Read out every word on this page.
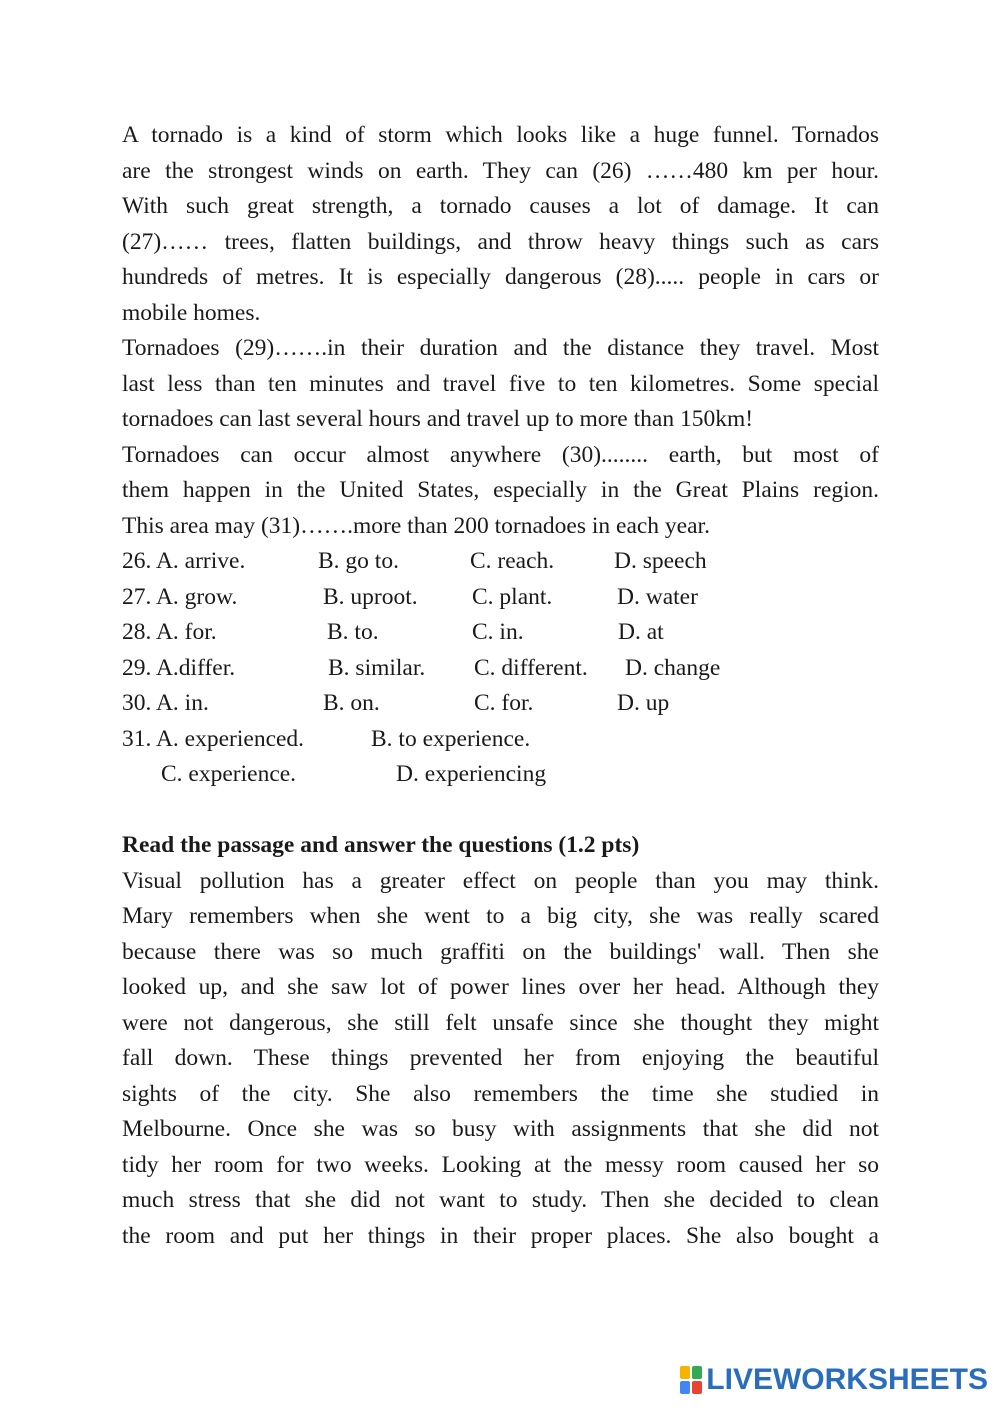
A tornado is a kind of storm which looks like a huge funnel. Tornados
are the strongest winds on earth. They can (26) ……480 km per hour.
With such great strength, a tornado causes a lot of damage. It can
(27)…… trees, flatten buildings, and throw heavy things such as cars
hundreds of metres. It is especially dangerous (28)..... people in cars or
mobile homes.
Tornadoes (29)…….in their duration and the distance they travel. Most
last less than ten minutes and travel five to ten kilometres. Some special
tornadoes can last several hours and travel up to more than 150km!
Tornadoes can occur almost anywhere (30)........ earth, but most of
them happen in the United States, especially in the Great Plains region.
This area may (31)…….more than 200 tornadoes in each year.
26. A. arrive.	B. go to.	C. reach.	D. speech
27. A. grow.	B. uproot. C. plant.	D. water
28. A. for.	B. to.	C. in.	D. at
29. A.differ.	B. similar. C. different. D. change
30. A. in.	B. on.	C. for.	D. up
31. A. experienced.	B. to experience.
C. experience.	D. experiencing

Read the passage and answer the questions (1.2 pts)

Visual pollution has a greater effect on people than you may think.
Mary remembers when she went to a big city, she was really scared
because there was so much graffiti on the buildings' wall. Then she
looked up, and she saw lot of power lines over her head. Although they
were not dangerous, she still felt unsafe since she thought they might
fall down. These things prevented her from enjoying the beautiful
sights of the city. She also remembers the time she studied in
Melbourne. Once she was so busy with assignments that she did not
tidy her room for two weeks. Looking at the messy room caused her so
much stress that she did not want to study. Then she decided to clean
the room and put her things in their proper places. She also bought a
LIVEWORKSHEETS
